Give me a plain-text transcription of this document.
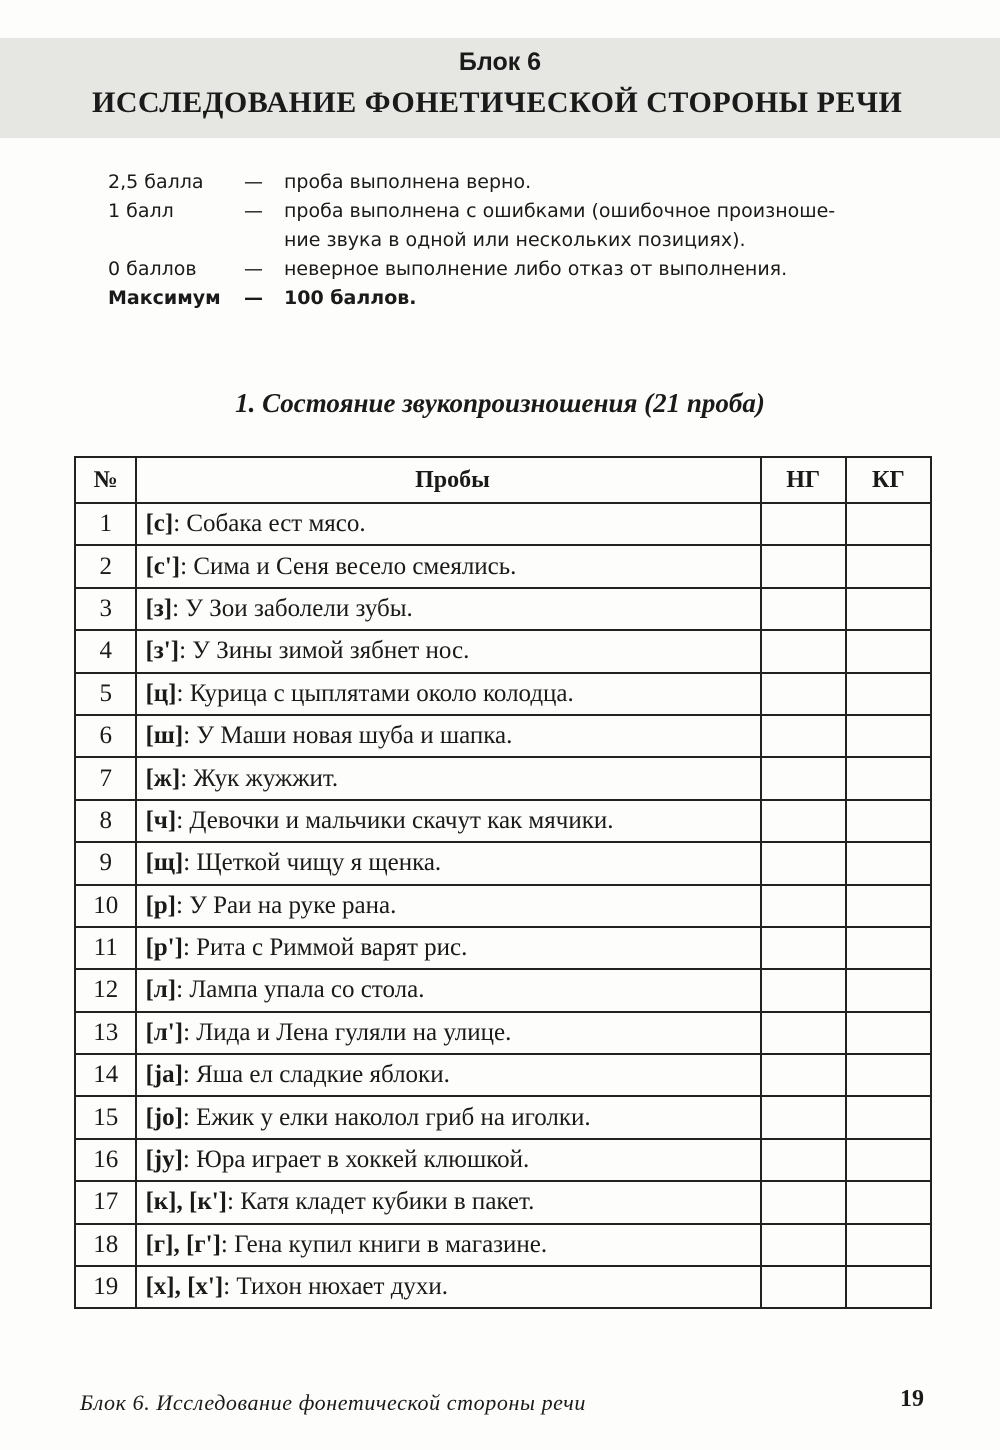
Блок 6
ИССЛЕДОВАНИЕ ФОНЕТИЧЕСКОЙ СТОРОНЫ РЕЧИ
2,5 балла	—	проба выполнена верно.
1 балл	—	проба выполнена с ошибками (ошибочное произноше-
ние звука в одной или нескольких позициях).
0 баллов	—	неверное выполнение либо отказ от выполнения.
Максимум	—	100 баллов.
1. Состояние звукопроизношения (21 проба)
№	Пробы	НГ	КГ
1	[с]: Собака ест мясо.		
2	[с']: Сима и Сеня весело смеялись.		
3	[з]: У Зои заболели зубы.		
4	[з']: У Зины зимой зябнет нос.		
5	[ц]: Курица с цыплятами около колодца.		
6	[ш]: У Маши новая шуба и шапка.		
7	[ж]: Жук жужжит.		
8	[ч]: Девочки и мальчики скачут как мячики.		
9	[щ]: Щеткой чищу я щенка.		
10	[р]: У Раи на руке рана.		
11	[р']: Рита с Риммой варят рис.		
12	[л]: Лампа упала со стола.		
13	[л']: Лида и Лена гуляли на улице.		
14	[ja]: Яша ел сладкие яблоки.		
15	[jо]: Ежик у елки наколол гриб на иголки.		
16	[jу]: Юра играет в хоккей клюшкой.		
17	[к], [к']: Катя кладет кубики в пакет.		
18	[г], [г']: Гена купил книги в магазине.		
19	[х], [х']: Тихон нюхает духи.		
Блок 6. Исследование фонетической стороны речи	19
